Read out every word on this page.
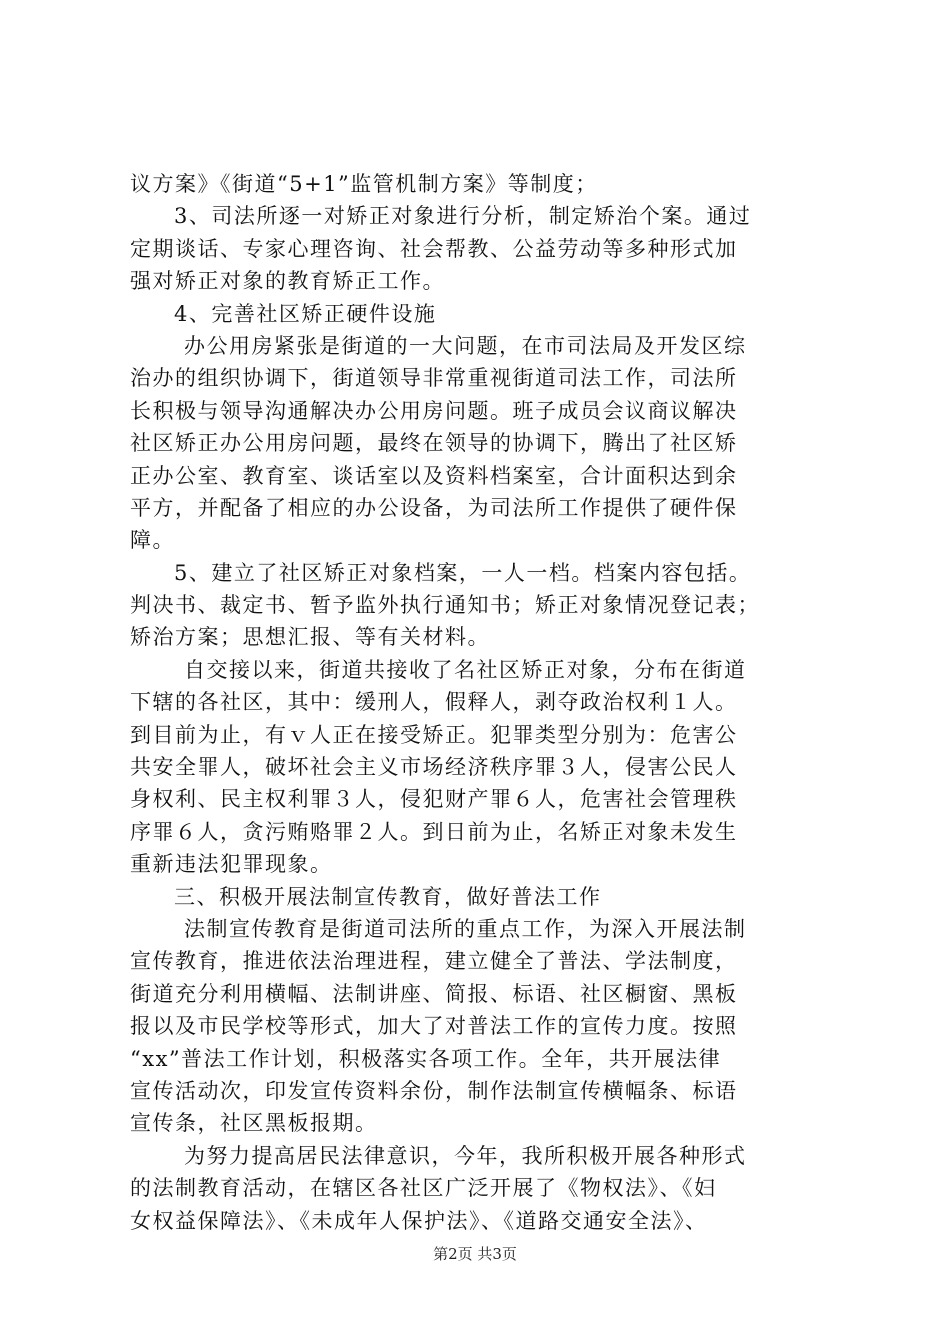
议方案》《街道“5+1”监管机制方案》等制度；
3、司法所逐一对矫正对象进行分析，制定矫治个案。通过
定期谈话、专家心理咨询、社会帮教、公益劳动等多种形式加
强对矫正对象的教育矫正工作。
4、完善社区矫正硬件设施
办公用房紧张是街道的一大问题，在市司法局及开发区综
治办的组织协调下，街道领导非常重视街道司法工作，司法所
长积极与领导沟通解决办公用房问题。班子成员会议商议解决
社区矫正办公用房问题，最终在领导的协调下，腾出了社区矫
正办公室、教育室、谈话室以及资料档案室，合计面积达到余
平方，并配备了相应的办公设备，为司法所工作提供了硬件保
障。
5、建立了社区矫正对象档案，一人一档。档案内容包括。
判决书、裁定书、暂予监外执行通知书；矫正对象情况登记表；
矫治方案；思想汇报、等有关材料。
自交接以来，街道共接收了名社区矫正对象，分布在街道
下辖的各社区，其中：缓刑人，假释人，剥夺政治权利１人。
到目前为止，有ｖ人正在接受矫正。犯罪类型分别为：危害公
共安全罪人，破坏社会主义市场经济秩序罪３人，侵害公民人
身权利、民主权利罪３人，侵犯财产罪６人，危害社会管理秩
序罪６人，贪污贿赂罪２人。到日前为止，名矫正对象未发生
重新违法犯罪现象。
三、积极开展法制宣传教育，做好普法工作
法制宣传教育是街道司法所的重点工作，为深入开展法制
宣传教育，推进依法治理进程，建立健全了普法、学法制度，
街道充分利用横幅、法制讲座、简报、标语、社区橱窗、黑板
报以及市民学校等形式，加大了对普法工作的宣传力度。按照
“xx”普法工作计划，积极落实各项工作。全年，共开展法律
宣传活动次，印发宣传资料余份，制作法制宣传横幅条、标语
宣传条，社区黑板报期。
为努力提高居民法律意识，今年，我所积极开展各种形式
的法制教育活动，在辖区各社区广泛开展了《物权法》、《妇
女权益保障法》、《未成年人保护法》、《道路交通安全法》、
第2页 共3页
